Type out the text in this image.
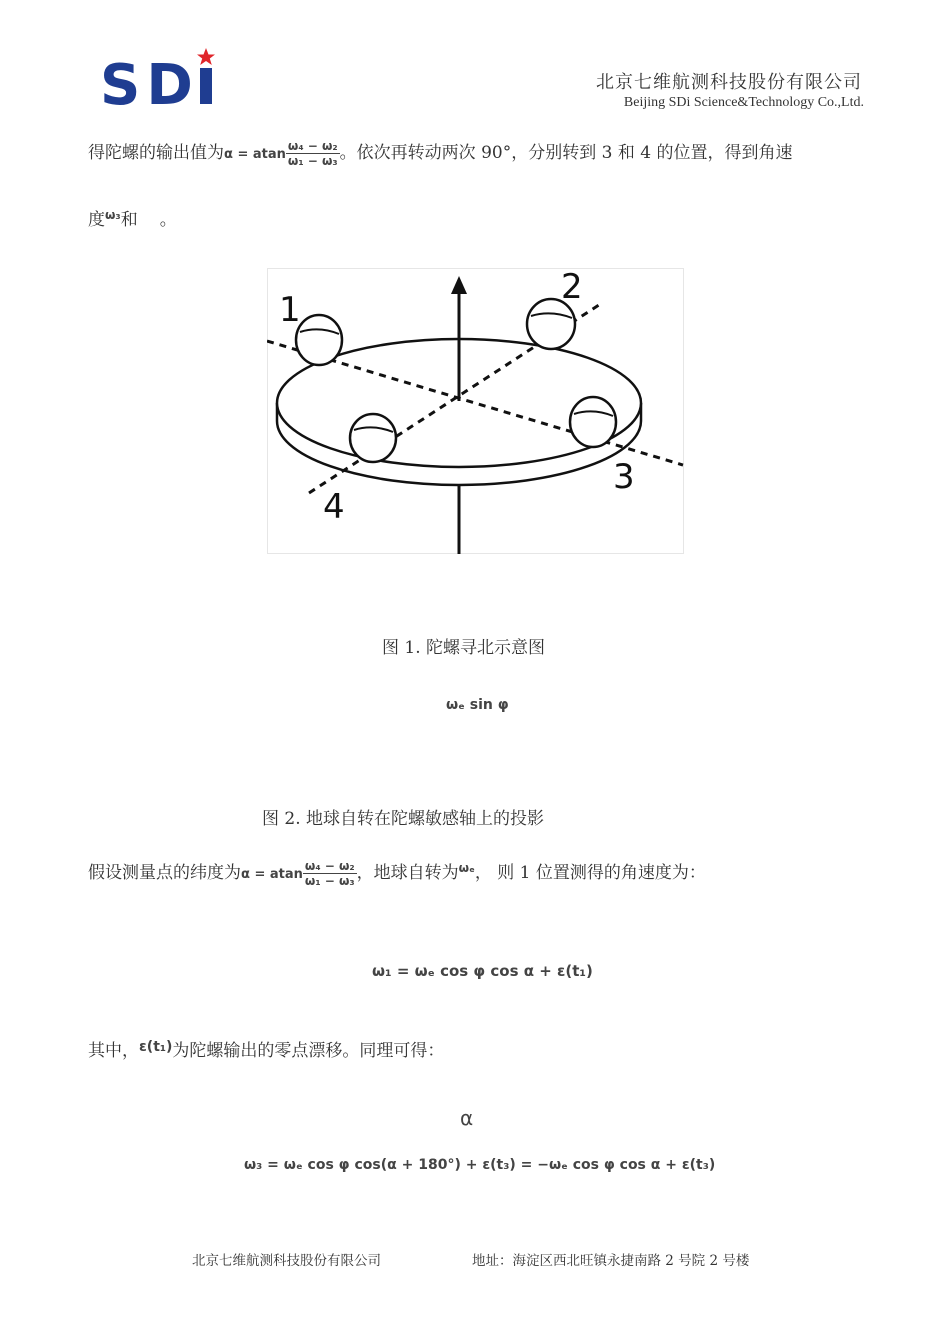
SD	北京七维航测科技股份有限公司
Beijing SDi Science&Technology Co.,Ltd.
得陀螺的输出值为α = atan $\frac{\text{ω₄ − ω₂}}{\text{ω₁ − ω₃}}$ 。依次再转动两次 90°，分别转到 3 和 4 的位置，得到角速
度$^{\omega_3}$和 。
1
2
3
4
图 1. 陀螺寻北示意图
ωₑ sin φ
图 2. 地球自转在陀螺敏感轴上的投影
假设测量点的纬度为α = atan $\frac{\text{ω₄ − ω₂}}{\text{ω₁ − ω₃}}$ ，地球自转为$^{\omega_e}$， 则 1 位置测得的角速度为：
ω₁ = ωₑ cos φ cos α + ε(t₁)
其中，$^{\varepsilon(t_1)}$为陀螺输出的零点漂移。同理可得：
α
ω₃ = ωₑ cos φ cos(α + 180°) + ε(t₃) = −ωₑ cos φ cos α + ε(t₃)
北京七维航测科技股份有限公司	地址：海淀区西北旺镇永捷南路 2 号院 2 号楼
